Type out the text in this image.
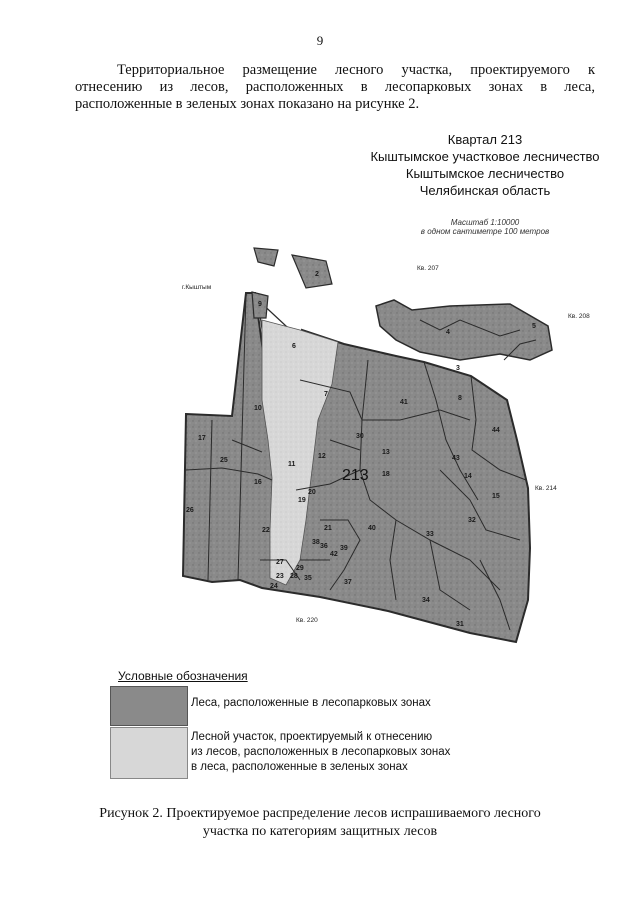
9
Территориальное размещение лесного участка, проектируемого к
отнесению из лесов, расположенных в лесопарковых зонах в леса,
расположенные в зеленых зонах показано на рисунке 2.
Квартал 213
Кыштымское участковое лесничество
Кыштымское лесничество
Челябинская область
Масштаб 1:10000
в одном сантиметре 100 метров
г.Кыштым
Кв. 207
Кв. 208
Кв. 214
Кв. 220
213
2
3
4
5
6
7
8
9
10
11
12
13
14
15
16
17
18
19
20
21
22
23
24
25
26
27
28
29
30
31
32
33
34
35
36
37
38
39
40
41
42
43
44
Условные обозначения
Леса, расположенные в лесопарковых зонах
Лесной участок, проектируемый к отнесению
из лесов, расположенных в лесопарковых зонах
в леса, расположенные в зеленых зонах
Рисунок 2. Проектируемое распределение лесов испрашиваемого лесного
участка по категориям защитных лесов
